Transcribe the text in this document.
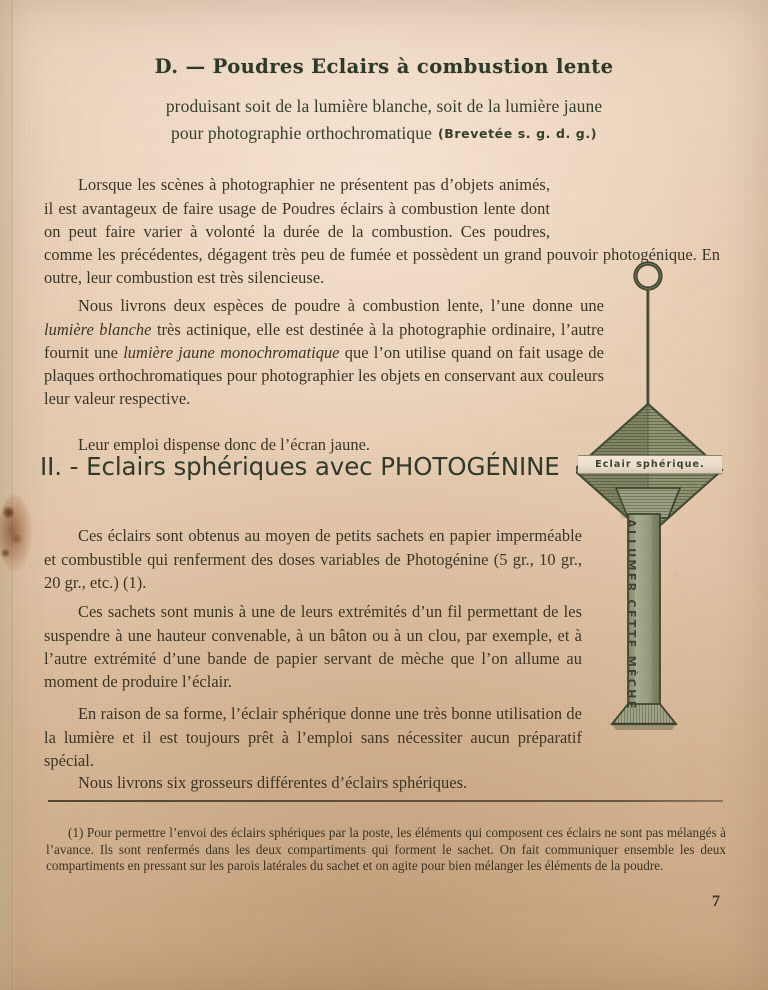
D. — Poudres Eclairs à combustion lente
produisant soit de la lumière blanche, soit de la lumière jaune
pour photographie orthochromatique (Brevetée s. g. d. g.)

Lorsque les scènes à photographier ne présentent pas d’objets animés, il est avantageux de faire usage de Poudres éclairs à combustion lente dont on peut faire varier à volonté la durée de la combustion. Ces poudres, comme les précédentes, dégagent très peu de fumée et possèdent un grand pouvoir photogénique. En outre, leur combustion est très silencieuse.

Nous livrons deux espèces de poudre à combustion lente, l’une donne une lumière blanche très actinique, elle est destinée à la photographie ordinaire, l’autre fournit une lumière jaune monochromatique que l’on utilise quand on fait usage de plaques orthochromatiques pour photographier les objets en conservant aux couleurs leur valeur respective.

Leur emploi dispense donc de l’écran jaune.

II. - Eclairs sphériques avec PHOTOGÉNINE

Ces éclairs sont obtenus au moyen de petits sachets en papier imperméable et combustible qui renferment des doses variables de Photogénine (5 gr., 10 gr., 20 gr., etc.) (1).

Ces sachets sont munis à une de leurs extrémités d’un fil permettant de les suspendre à une hauteur convenable, à un bâton ou à un clou, par exemple, et à l’autre extrémité d’une bande de papier servant de mèche que l’on allume au moment de produire l’éclair.

En raison de sa forme, l’éclair sphérique donne une très bonne utilisation de la lumière et il est toujours prêt à l’emploi sans nécessiter aucun préparatif spécial.

Nous livrons six grosseurs différentes d’éclairs sphériques.

(1) Pour permettre l’envoi des éclairs sphériques par la poste, les éléments qui composent ces éclairs ne sont pas mélangés à l’avance. Ils sont renfermés dans les deux compartiments qui forment le sachet. On fait communiquer ensemble les deux compartiments en pressant sur les parois latérales du sachet et on agite pour bien mélanger les éléments de la poudre.

7
Eclair sphérique.
ALLUMER CETTE MÈCHE
